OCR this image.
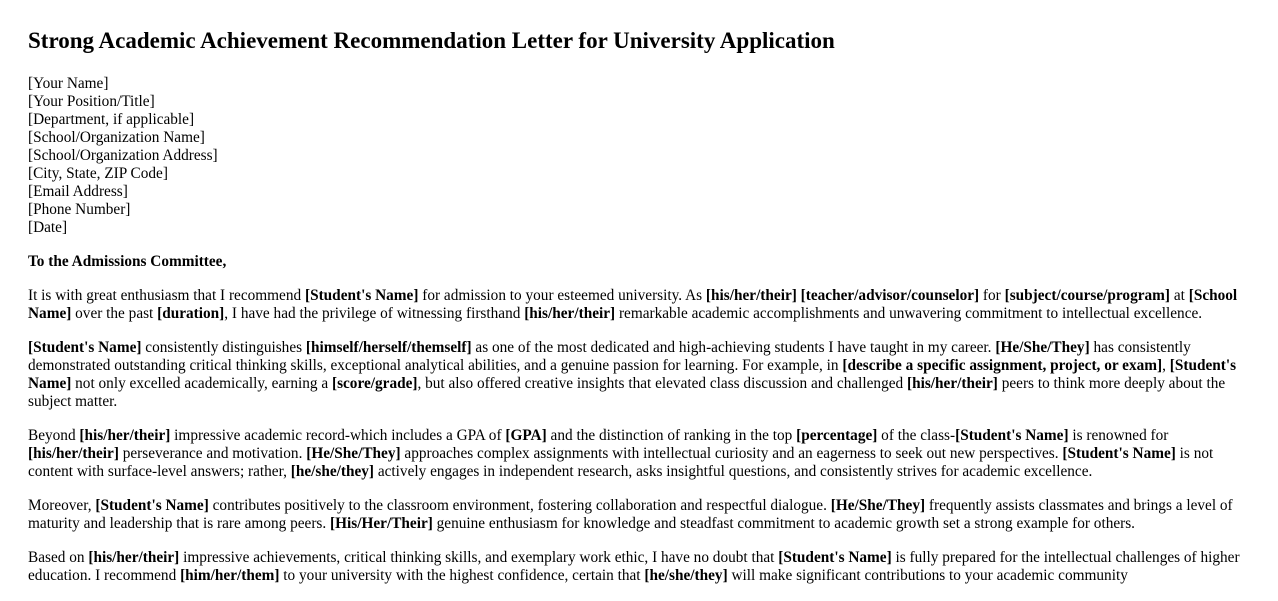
Strong Academic Achievement Recommendation Letter for University Application
[Your Name]
[Your Position/Title]
[Department, if applicable]
[School/Organization Name]
[School/Organization Address]
[City, State, ZIP Code]
[Email Address]
[Phone Number]
[Date]
To the Admissions Committee,

It is with great enthusiasm that I recommend [Student's Name] for admission to your esteemed university. As [his/her/their] [teacher/advisor/counselor] for [subject/course/program] at [School Name] over the past [duration], I have had the privilege of witnessing firsthand [his/her/their] remarkable academic accomplishments and unwavering commitment to intellectual excellence.

[Student's Name] consistently distinguishes [himself/herself/themself] as one of the most dedicated and high-achieving students I have taught in my career. [He/She/They] has consistently demonstrated outstanding critical thinking skills, exceptional analytical abilities, and a genuine passion for learning. For example, in [describe a specific assignment, project, or exam], [Student's Name] not only excelled academically, earning a [score/grade], but also offered creative insights that elevated class discussion and challenged [his/her/their] peers to think more deeply about the subject matter.

Beyond [his/her/their] impressive academic record-which includes a GPA of [GPA] and the distinction of ranking in the top [percentage] of the class-[Student's Name] is renowned for [his/her/their] perseverance and motivation. [He/She/They] approaches complex assignments with intellectual curiosity and an eagerness to seek out new perspectives. [Student's Name] is not content with surface-level answers; rather, [he/she/they] actively engages in independent research, asks insightful questions, and consistently strives for academic excellence.

Moreover, [Student's Name] contributes positively to the classroom environment, fostering collaboration and respectful dialogue. [He/She/They] frequently assists classmates and brings a level of maturity and leadership that is rare among peers. [His/Her/Their] genuine enthusiasm for knowledge and steadfast commitment to academic growth set a strong example for others.

Based on [his/her/their] impressive achievements, critical thinking skills, and exemplary work ethic, I have no doubt that [Student's Name] is fully prepared for the intellectual challenges of higher education. I recommend [him/her/them] to your university with the highest confidence, certain that [he/she/they] will make significant contributions to your academic community
